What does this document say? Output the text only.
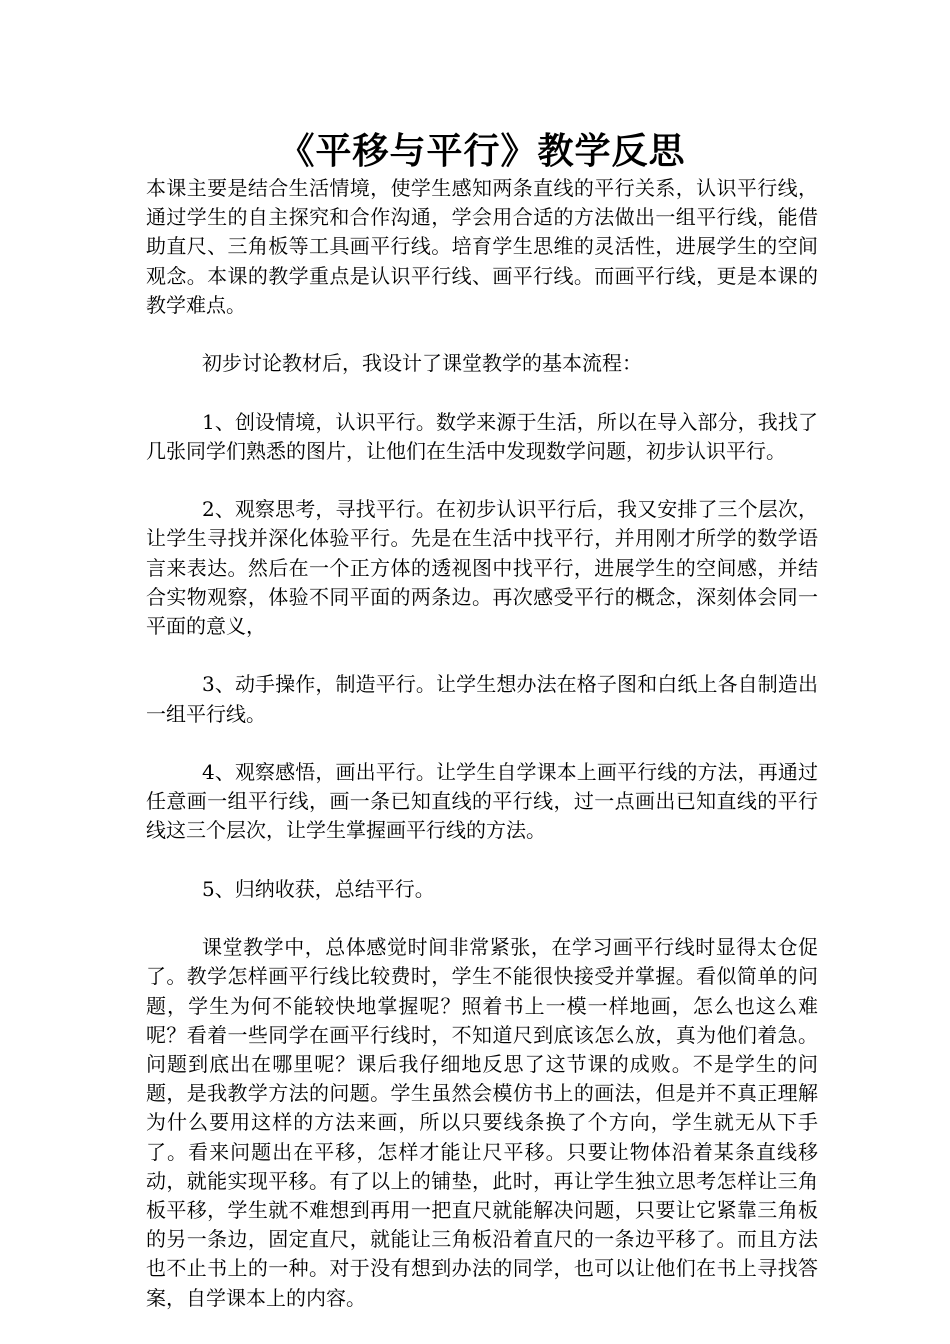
《平移与平行》教学反思

本课主要是结合生活情境，使学生感知两条直线的平行关系，认识平行线，通过学生的自主探究和合作沟通，学会用合适的方法做出一组平行线，能借助直尺、三角板等工具画平行线。培育学生思维的灵活性，进展学生的空间观念。本课的教学重点是认识平行线、画平行线。而画平行线，更是本课的教学难点。

初步讨论教材后，我设计了课堂教学的基本流程：

1、创设情境，认识平行。数学来源于生活，所以在导入部分，我找了几张同学们熟悉的图片，让他们在生活中发现数学问题，初步认识平行。

2、观察思考，寻找平行。在初步认识平行后，我又安排了三个层次，让学生寻找并深化体验平行。先是在生活中找平行，并用刚才所学的数学语言来表达。然后在一个正方体的透视图中找平行，进展学生的空间感，并结合实物观察，体验不同平面的两条边。再次感受平行的概念，深刻体会同一平面的意义，

3、动手操作，制造平行。让学生想办法在格子图和白纸上各自制造出一组平行线。

4、观察感悟，画出平行。让学生自学课本上画平行线的方法，再通过任意画一组平行线，画一条已知直线的平行线，过一点画出已知直线的平行线这三个层次，让学生掌握画平行线的方法。

5、归纳收获，总结平行。

课堂教学中，总体感觉时间非常紧张，在学习画平行线时显得太仓促了。教学怎样画平行线比较费时，学生不能很快接受并掌握。看似简单的问题，学生为何不能较快地掌握呢？照着书上一模一样地画，怎么也这么难呢？看着一些同学在画平行线时，不知道尺到底该怎么放，真为他们着急。问题到底出在哪里呢？课后我仔细地反思了这节课的成败。不是学生的问题，是我教学方法的问题。学生虽然会模仿书上的画法，但是并不真正理解为什么要用这样的方法来画，所以只要线条换了个方向，学生就无从下手了。看来问题出在平移，怎样才能让尺平移。只要让物体沿着某条直线移动，就能实现平移。有了以上的铺垫，此时，再让学生独立思考怎样让三角板平移，学生就不难想到再用一把直尺就能解决问题，只要让它紧靠三角板的另一条边，固定直尺，就能让三角板沿着直尺的一条边平移了。而且方法也不止书上的一种。对于没有想到办法的同学，也可以让他们在书上寻找答案，自学课本上的内容。
